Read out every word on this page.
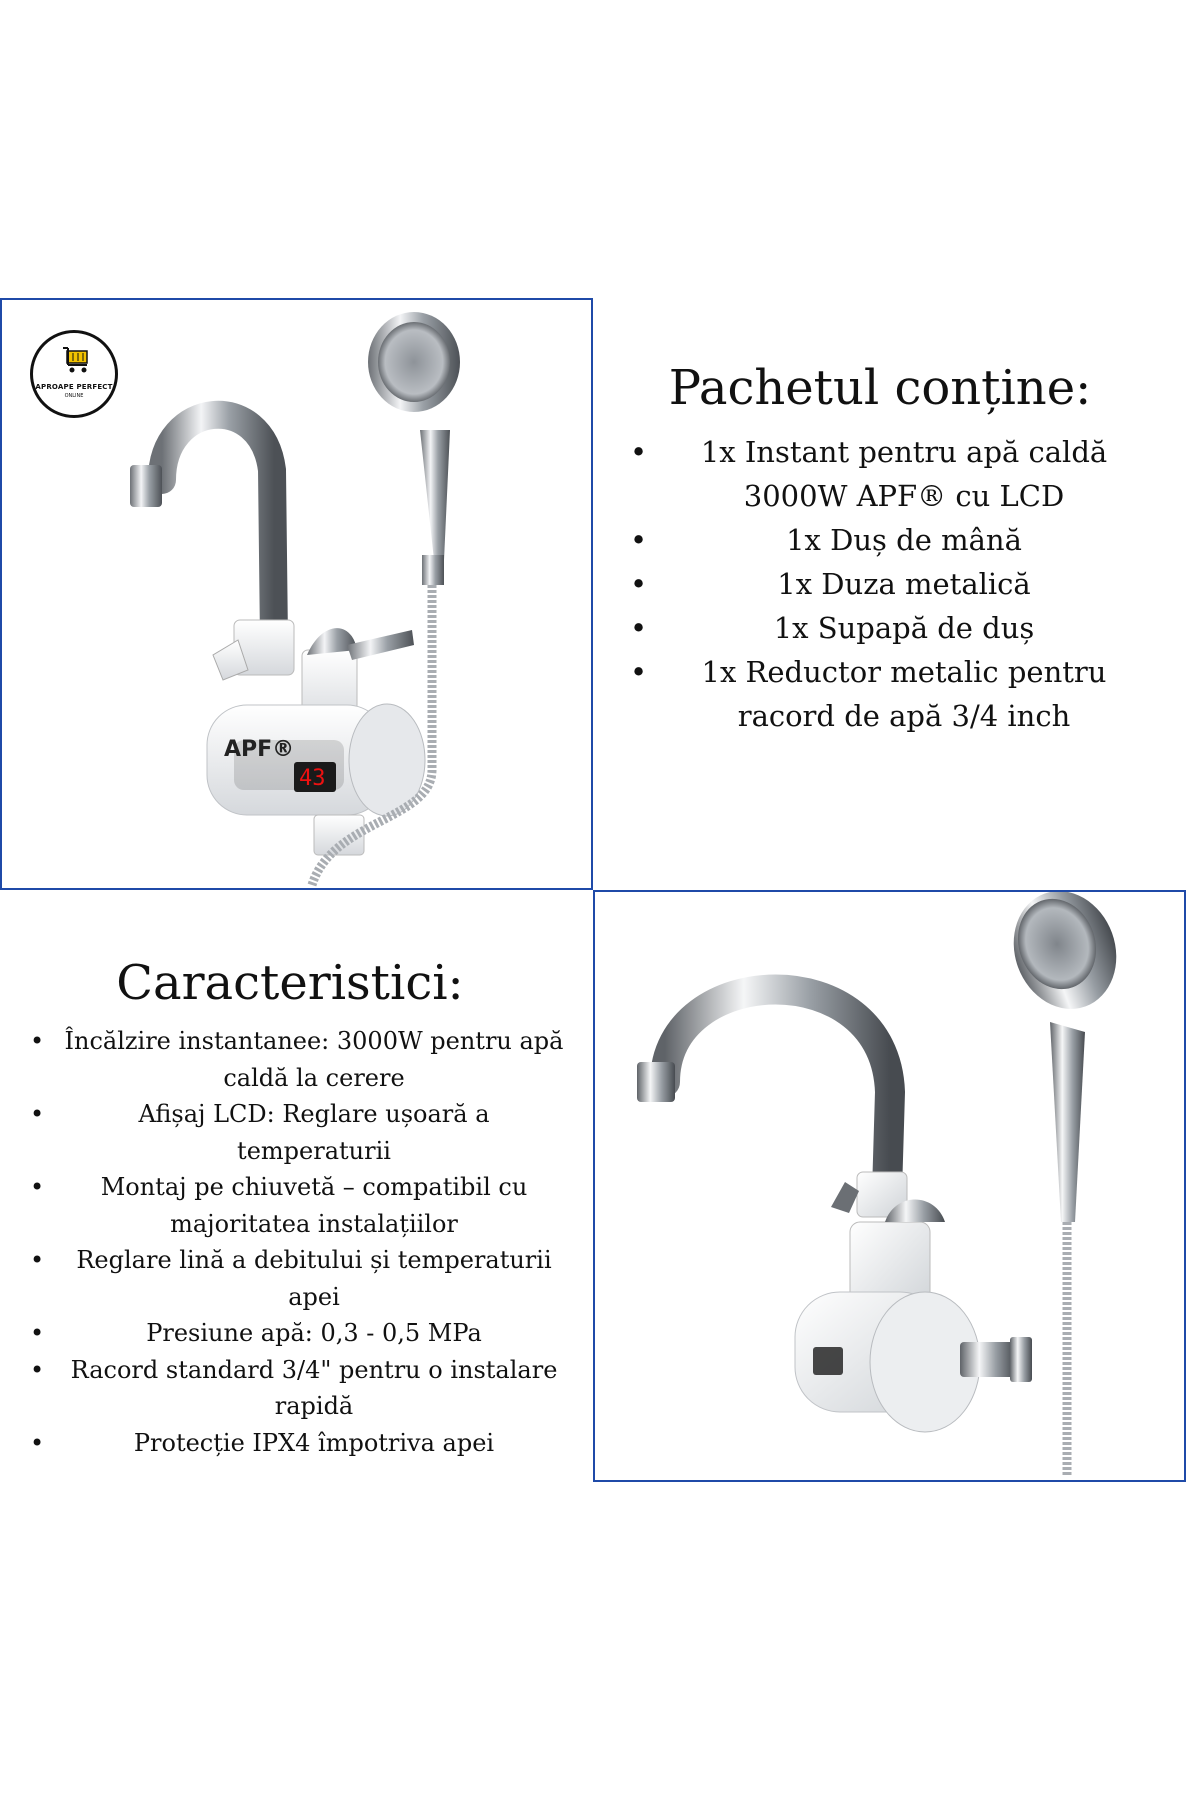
APROAPE PERFECT
ONLINE
43
APF®
Pachetul conține:
• 1x Instant pentru apă caldă 3000W APF® cu LCD
• 1x Duș de mână
• 1x Duza metalică
• 1x Supapă de duș
• 1x Reductor metalic pentru racord de apă 3/4 inch
Caracteristici:
• Încălzire instantanee: 3000W pentru apă caldă la cerere
• Afișaj LCD: Reglare ușoară a temperaturii
• Montaj pe chiuvetă – compatibil cu majoritatea instalațiilor
• Reglare lină a debitului și temperaturii apei
• Presiune apă: 0,3 - 0,5 MPa
• Racord standard 3/4" pentru o instalare rapidă
• Protecție IPX4 împotriva apei
